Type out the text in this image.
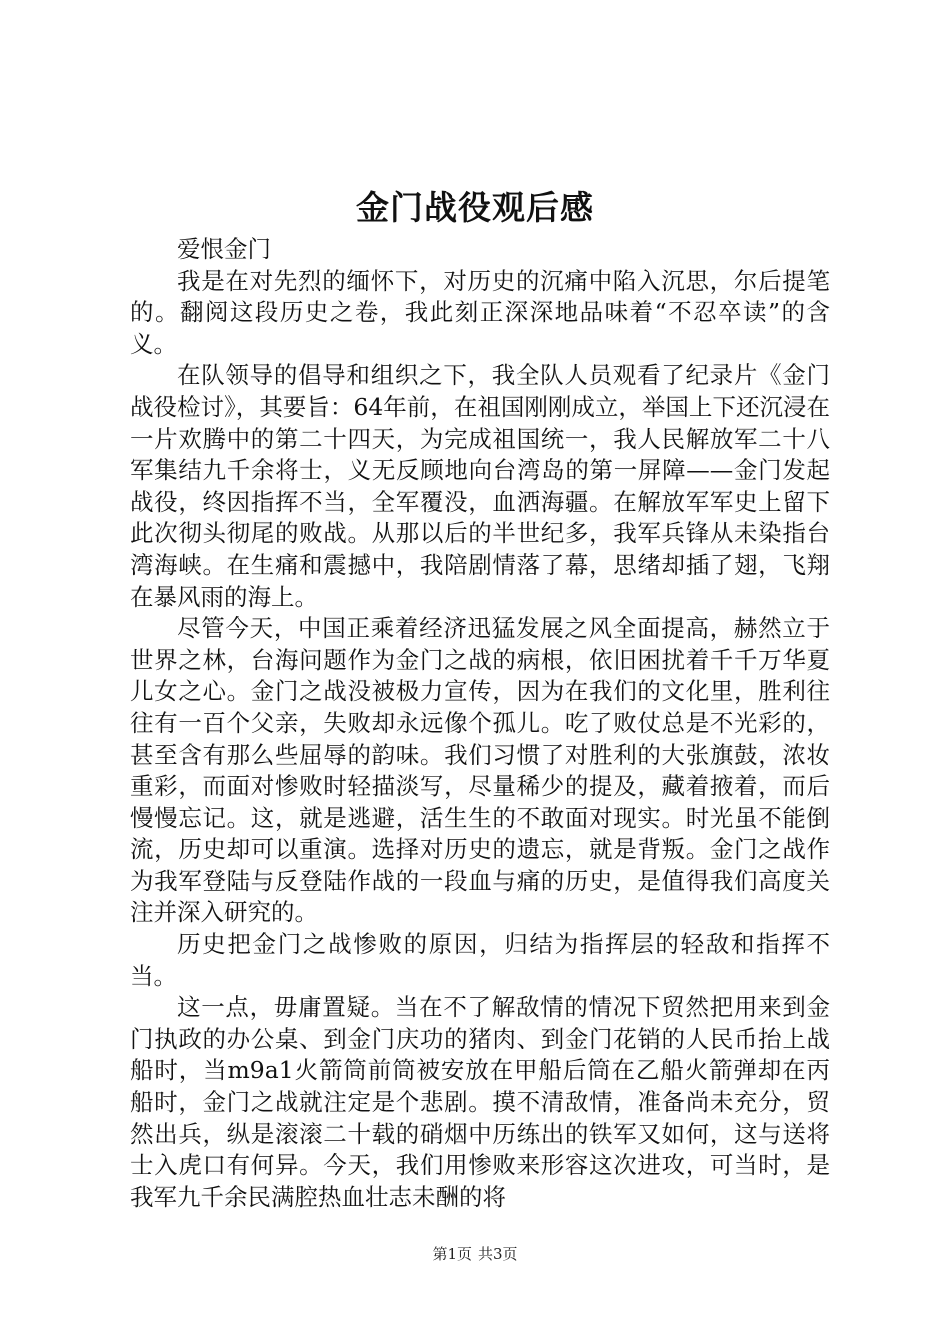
金门战役观后感

爱恨金门

我是在对先烈的缅怀下，对历史的沉痛中陷入沉思，尔后提笔的。翻阅这段历史之卷，我此刻正深深地品味着“不忍卒读”的含义。

在队领导的倡导和组织之下，我全队人员观看了纪录片《金门战役检讨》，其要旨：64年前，在祖国刚刚成立，举国上下还沉浸在一片欢腾中的第二十四天，为完成祖国统一，我人民解放军二十八军集结九千余将士，义无反顾地向台湾岛的第一屏障——金门发起战役，终因指挥不当，全军覆没，血洒海疆。在解放军军史上留下此次彻头彻尾的败战。从那以后的半世纪多，我军兵锋从未染指台湾海峡。在生痛和震撼中，我陪剧情落了幕，思绪却插了翅，飞翔在暴风雨的海上。

尽管今天，中国正乘着经济迅猛发展之风全面提高，赫然立于世界之林，台海问题作为金门之战的病根，依旧困扰着千千万华夏儿女之心。金门之战没被极力宣传，因为在我们的文化里，胜利往往有一百个父亲，失败却永远像个孤儿。吃了败仗总是不光彩的，甚至含有那么些屈辱的韵味。我们习惯了对胜利的大张旗鼓，浓妆重彩，而面对惨败时轻描淡写，尽量稀少的提及，藏着掖着，而后慢慢忘记。这，就是逃避，活生生的不敢面对现实。时光虽不能倒流，历史却可以重演。选择对历史的遗忘，就是背叛。金门之战作为我军登陆与反登陆作战的一段血与痛的历史，是值得我们高度关注并深入研究的。

历史把金门之战惨败的原因，归结为指挥层的轻敌和指挥不当。

这一点，毋庸置疑。当在不了解敌情的情况下贸然把用来到金门执政的办公桌、到金门庆功的猪肉、到金门花销的人民币抬上战船时，当m9a1火箭筒前筒被安放在甲船后筒在乙船火箭弹却在丙船时，金门之战就注定是个悲剧。摸不清敌情，准备尚未充分，贸然出兵，纵是滚滚二十载的硝烟中历练出的铁军又如何，这与送将士入虎口有何异。今天，我们用惨败来形容这次进攻，可当时，是我军九千余民满腔热血壮志未酬的将

第1页 共3页
